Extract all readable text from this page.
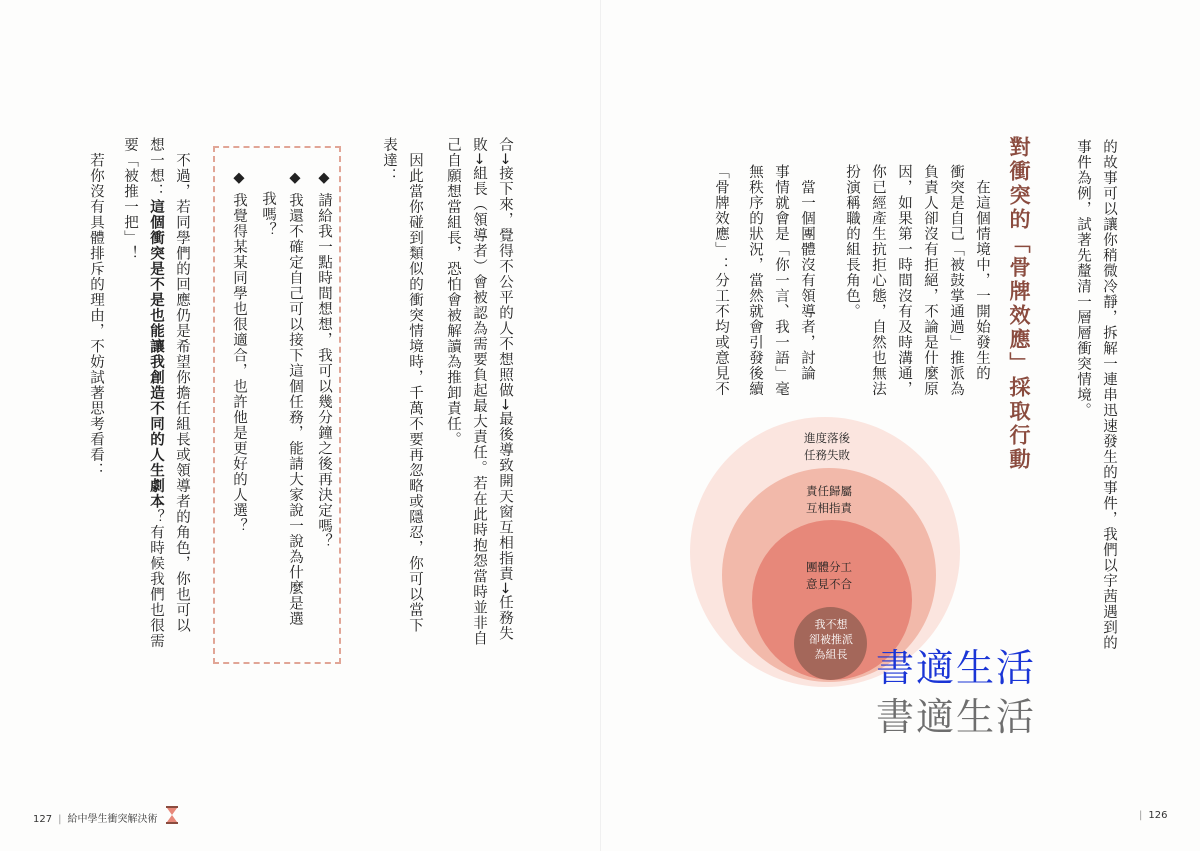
的故事可以讓你稍微冷靜，拆解一連串迅速發生的事件，我們以宇茜遇到的
事件為例，試著先釐清一層層衝突情境。
對衝突的「骨牌效應」採取行動
　在這個情境中，一開始發生的
衝突是自己「被鼓掌通過」推派為
負責人卻沒有拒絕，不論是什麼原
因，如果第一時間沒有及時溝通，
你已經產生抗拒心態，自然也無法
扮演稱職的組長角色。
　當一個團體沒有領導者，討論
事情就會是「你一言、我一語」毫
無秩序的狀況，當然就會引發後續
「骨牌效應」：分工不均或意見不
進度落後
任務失敗
責任歸屬
互相指責
團體分工
意見不合
我不想
卻被推派
為組長
| 126
合→接下來，覺得不公平的人不想照做→最後導致開天窗互相指責→任務失
敗→組長（領導者）會被認為需要負起最大責任。若在此時抱怨當時並非自
己自願想當組長，恐怕會被解讀為推卸責任。
　因此當你碰到類似的衝突情境時，千萬不要再忽略或隱忍，你可以當下
表達：
◆ 請給我一點時間想想，我可以幾分鐘之後再決定嗎？
◆ 我還不確定自己可以接下這個任務，能請大家說一說為什麼是選
　 我嗎？
◆ 我覺得某某同學也很適合，也許他是更好的人選？
　不過，若同學們的回應仍是希望你擔任組長或領導者的角色，你也可以
想一想：這個衝突是不是也能讓我創造不同的人生劇本？有時候我們也很需
要「被推一把」！
　若你沒有具體排斥的理由，不妨試著思考看看：
127 | 給中學生衝突解決術
書適生活
書適生活
